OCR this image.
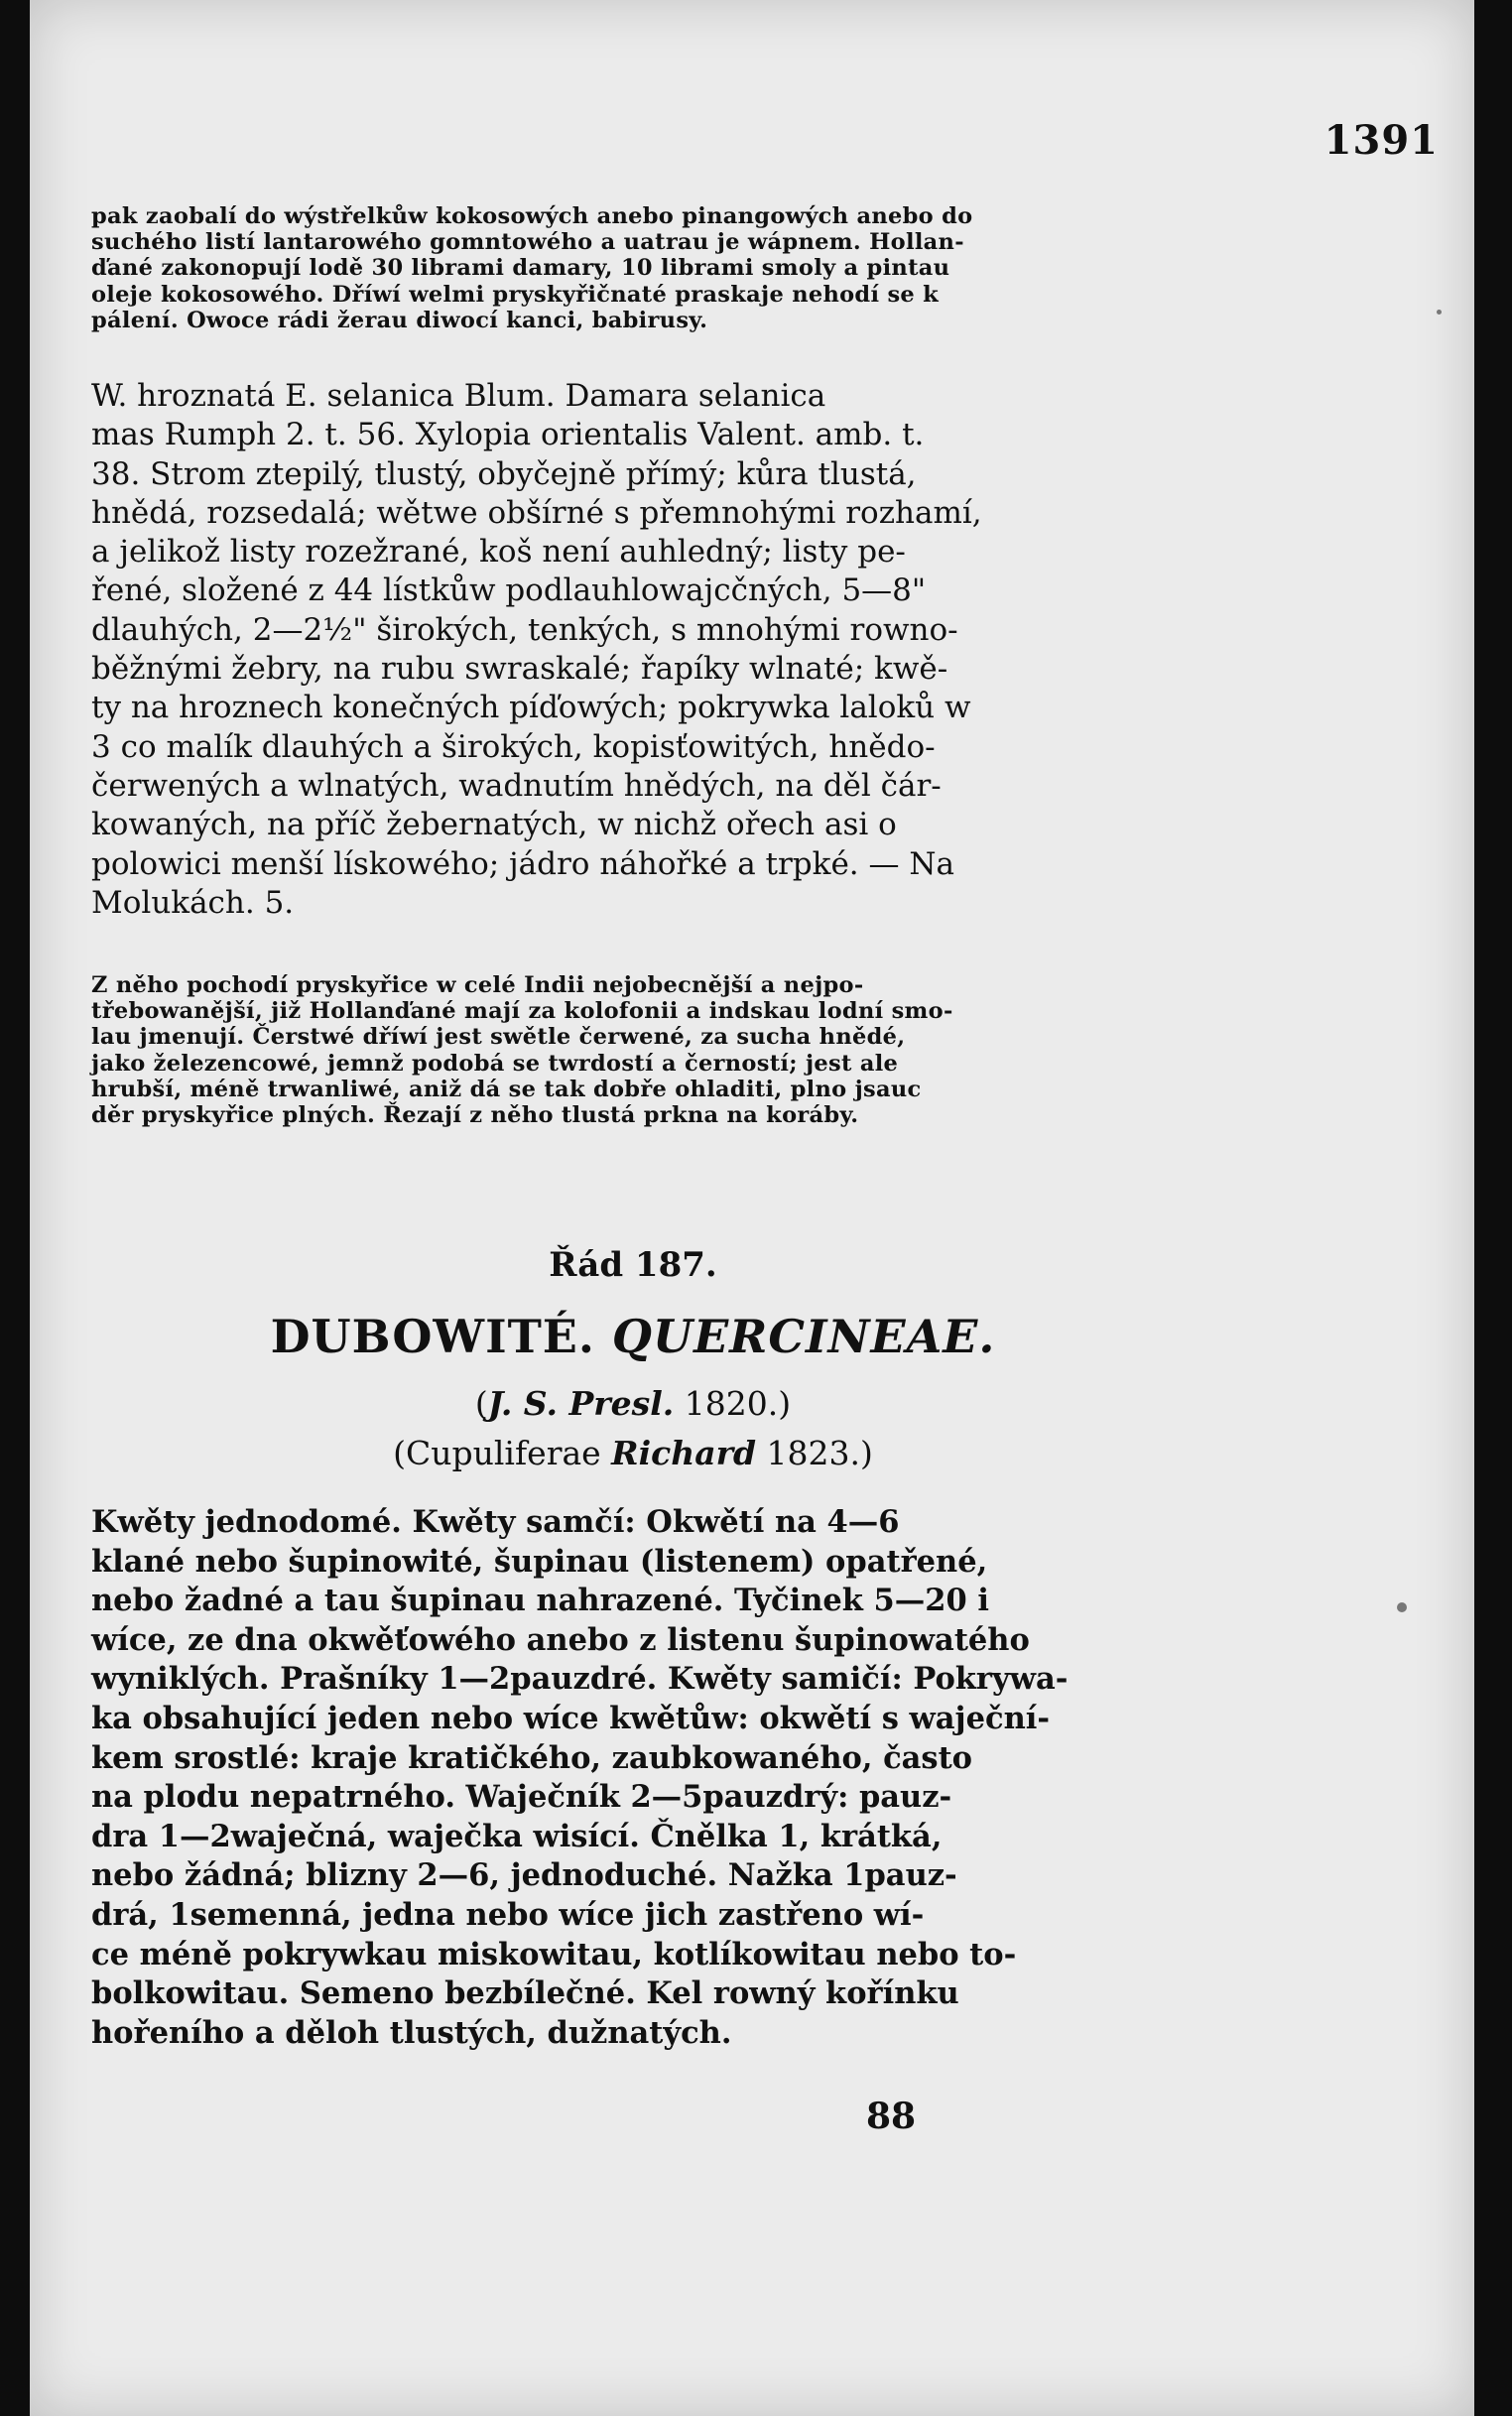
1391

pak zaobalí do wýstřelkůw kokosowých anebo pinangowých anebo do

suchého listí lantarowého gomntowého a uatrau je wápnem. Hollan-

ďané zakonopují lodě 30 librami damary, 10 librami smoly a pintau

oleje kokosowého. Dříwí welmi pryskyřičnaté praskaje nehodí se k

pálení. Owoce rádi žerau diwocí kanci, babirusy.

W. hroznatá E. selanica Blum. Damara selanica

mas Rumph 2. t. 56. Xylopia orientalis Valent. amb. t.

38. Strom ztepilý, tlustý, obyčejně přímý; kůra tlustá,

hnědá, rozsedalá; wětwe obšírné s přemnohými rozhamí,

a jelikož listy rozežrané, koš není auhledný; listy pe-

řené, složené z 44 lístkůw podlauhlowajcčných, 5—8"

dlauhých, 2—2½" širokých, tenkých, s mnohými rowno-

běžnými žebry, na rubu swraskalé; řapíky wlnaté; kwě-

ty na hroznech konečných píďowých; pokrywka laloků w

3 co malík dlauhých a širokých, kopisťowitých, hnědo-

čerwených a wlnatých, wadnutím hnědých, na děl čár-

kowaných, na příč žebernatých, w nichž ořech asi o

polowici menší lískowého; jádro náhořké a trpké. — Na

Molukách. 5.

Z něho pochodí pryskyřice w celé Indii nejobecnější a nejpo-

třebowanější, již Hollanďané mají za kolofonii a indskau lodní smo-

lau jmenují. Čerstwé dříwí jest swětle čerwené, za sucha hnědé,

jako železencowé, jemnž podobá se twrdostí a čerností; jest ale

hrubší, méně trwanliwé, aniž dá se tak dobře ohladiti, plno jsauc

děr pryskyřice plných. Řezají z něho tlustá prkna na koráby.

Řád 187.
DUBOWITÉ. QUERCINEAE.
(J. S. Presl. 1820.)
(Cupuliferae Richard 1823.)

Kwěty jednodomé. Kwěty samčí: Okwětí na 4—6

klané nebo šupinowité, šupinau (listenem) opatřené,

nebo žadné a tau šupinau nahrazené. Tyčinek 5—20 i

wíce, ze dna okwěťowého anebo z listenu šupinowatého

wyniklých. Prašníky 1—2pauzdré. Kwěty samičí: Pokrywa-

ka obsahující jeden nebo wíce kwětůw: okwětí s waječní-

kem srostlé: kraje kratičkého, zaubkowaného, často

na plodu nepatrného. Waječník 2—5pauzdrý: pauz-

dra 1—2waječná, waječka wisící. Čnělka 1, krátká,

nebo žádná; blizny 2—6, jednoduché. Nažka 1pauz-

drá, 1semenná, jedna nebo wíce jich zastřeno wí-

ce méně pokrywkau miskowitau, kotlíkowitau nebo to-

bolkowitau. Semeno bezbílečné. Kel rowný kořínku

hořeního a děloh tlustých, dužnatých.

88
